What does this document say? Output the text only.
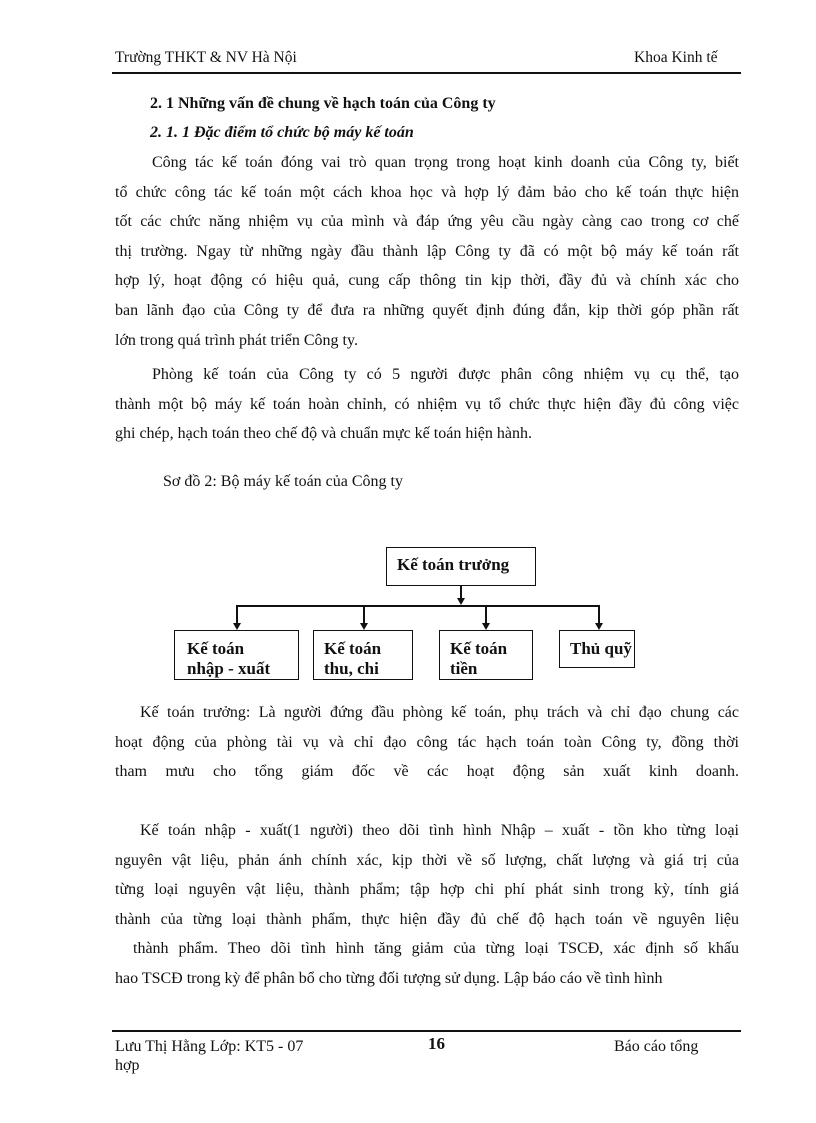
Trường THKT & NV Hà Nội	Khoa Kinh tế
2. 1 Những vấn đề chung về hạch toán của Công ty
2. 1. 1 Đặc điểm tổ chức bộ máy kế toán
Công tác kế toán đóng vai trò quan trọng trong hoạt kinh doanh của Công ty, biết
tổ chức công tác kế toán một cách khoa học và hợp lý đảm bảo cho kế toán thực hiện
tốt các chức năng nhiệm vụ của mình và đáp ứng yêu cầu ngày càng cao trong cơ chế
thị trường. Ngay từ những ngày đầu thành lập Công ty đã có một bộ máy kế toán rất
hợp lý, hoạt động có hiệu quả, cung cấp thông tin kịp thời, đầy đủ và chính xác cho
ban lãnh đạo của Công ty để đưa ra những quyết định đúng đắn, kịp thời góp phần rất
lớn trong quá trình phát triển Công ty.
Phòng kế toán của Công ty có 5 người được phân công nhiệm vụ cụ thể, tạo
thành một bộ máy kế toán hoàn chỉnh, có nhiệm vụ tổ chức thực hiện đầy đủ công việc
ghi chép, hạch toán theo chế độ và chuẩn mực kế toán hiện hành.
Sơ đồ 2: Bộ máy kế toán của Công ty
Kế toán trưởng
Kế toán
nhập - xuất
Kế toán
thu, chi
Kế toán
tiền
Thủ quỹ
Kế toán trưởng: Là người đứng đầu phòng kế toán, phụ trách và chỉ đạo chung các
hoạt động của phòng tài vụ và chỉ đạo công tác hạch toán toàn Công ty, đồng thời
tham mưu cho tổng giám đốc về các hoạt động sản xuất kinh doanh.
Kế toán nhập - xuất(1 người) theo dõi tình hình Nhập – xuất - tồn kho từng loại
nguyên vật liệu, phản ánh chính xác, kịp thời về số lượng, chất lượng và giá trị của
từng loại nguyên vật liệu, thành phẩm; tập hợp chi phí phát sinh trong kỳ, tính giá
thành của từng loại thành phẩm, thực hiện đầy đủ chế độ hạch toán về nguyên liệu
thành phẩm. Theo dõi tình hình tăng giảm của từng loại TSCĐ, xác định số khấu
hao TSCĐ trong kỳ để phân bổ cho từng đối tượng sử dụng. Lập báo cáo về tình hình
Lưu Thị Hằng Lớp: KT5 - 07	16	Báo cáo tổng
hợp
